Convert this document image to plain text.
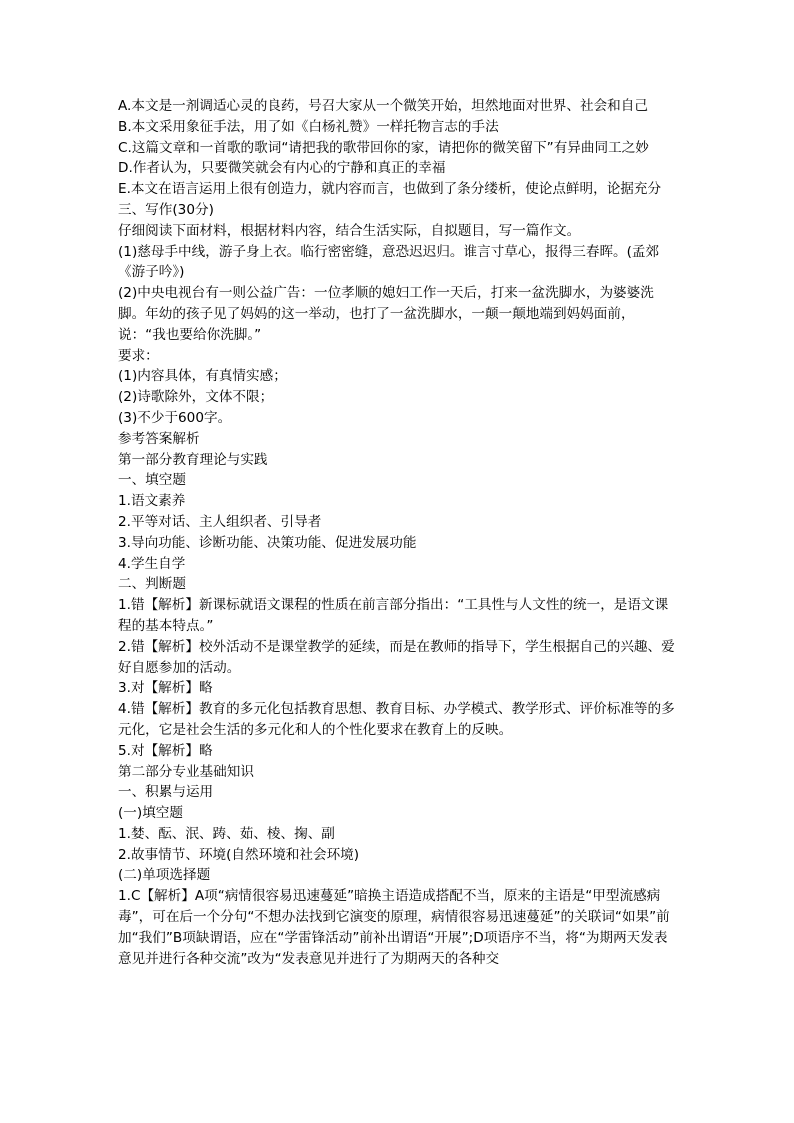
A.本文是一剂调适心灵的良药，号召大家从一个微笑开始，坦然地面对世界、社会和自己

B.本文采用象征手法，用了如《白杨礼赞》一样托物言志的手法

C.这篇文章和一首歌的歌词“请把我的歌带回你的家，请把你的微笑留下”有异曲同工之妙

D.作者认为，只要微笑就会有内心的宁静和真正的幸福

E.本文在语言运用上很有创造力，就内容而言，也做到了条分缕析，使论点鲜明，论据充分

三、写作(30分)

仔细阅读下面材料，根据材料内容，结合生活实际，自拟题目，写一篇作文。

(1)慈母手中线，游子身上衣。临行密密缝，意恐迟迟归。谁言寸草心，报得三春晖。(孟郊《游子吟》)

(2)中央电视台有一则公益广告：一位孝顺的媳妇工作一天后，打来一盆洗脚水，为婆婆洗脚。年幼的孩子见了妈妈的这一举动，也打了一盆洗脚水，一颠一颠地端到妈妈面前，说：“我也要给你洗脚。”

要求：

(1)内容具体，有真情实感；

(2)诗歌除外，文体不限；

(3)不少于600字。

参考答案解析

第一部分教育理论与实践

一、填空题

1.语文素养

2.平等对话、主人组织者、引导者

3.导向功能、诊断功能、决策功能、促进发展功能

4.学生自学

二、判断题

1.错【解析】新课标就语文课程的性质在前言部分指出：“工具性与人文性的统一，是语文课程的基本特点。”

2.错【解析】校外活动不是课堂教学的延续，而是在教师的指导下，学生根据自己的兴趣、爱好自愿参加的活动。

3.对【解析】略

4.错【解析】教育的多元化包括教育思想、教育目标、办学模式、教学形式、评价标准等的多元化，它是社会生活的多元化和人的个性化要求在教育上的反映。

5.对【解析】略

第二部分专业基础知识

一、积累与运用

(一)填空题

1.婪、酝、泯、踌、茹、棱、掬、副

2.故事情节、环境(自然环境和社会环境)

(二)单项选择题

1.C【解析】A项“病情很容易迅速蔓延”暗换主语造成搭配不当，原来的主语是“甲型流感病毒”，可在后一个分句“不想办法找到它演变的原理，病情很容易迅速蔓延”的关联词“如果”前加“我们”B项缺谓语，应在“学雷锋活动”前补出谓语“开展”;D项语序不当，将“为期两天发表意见并进行各种交流”改为“发表意见并进行了为期两天的各种交
